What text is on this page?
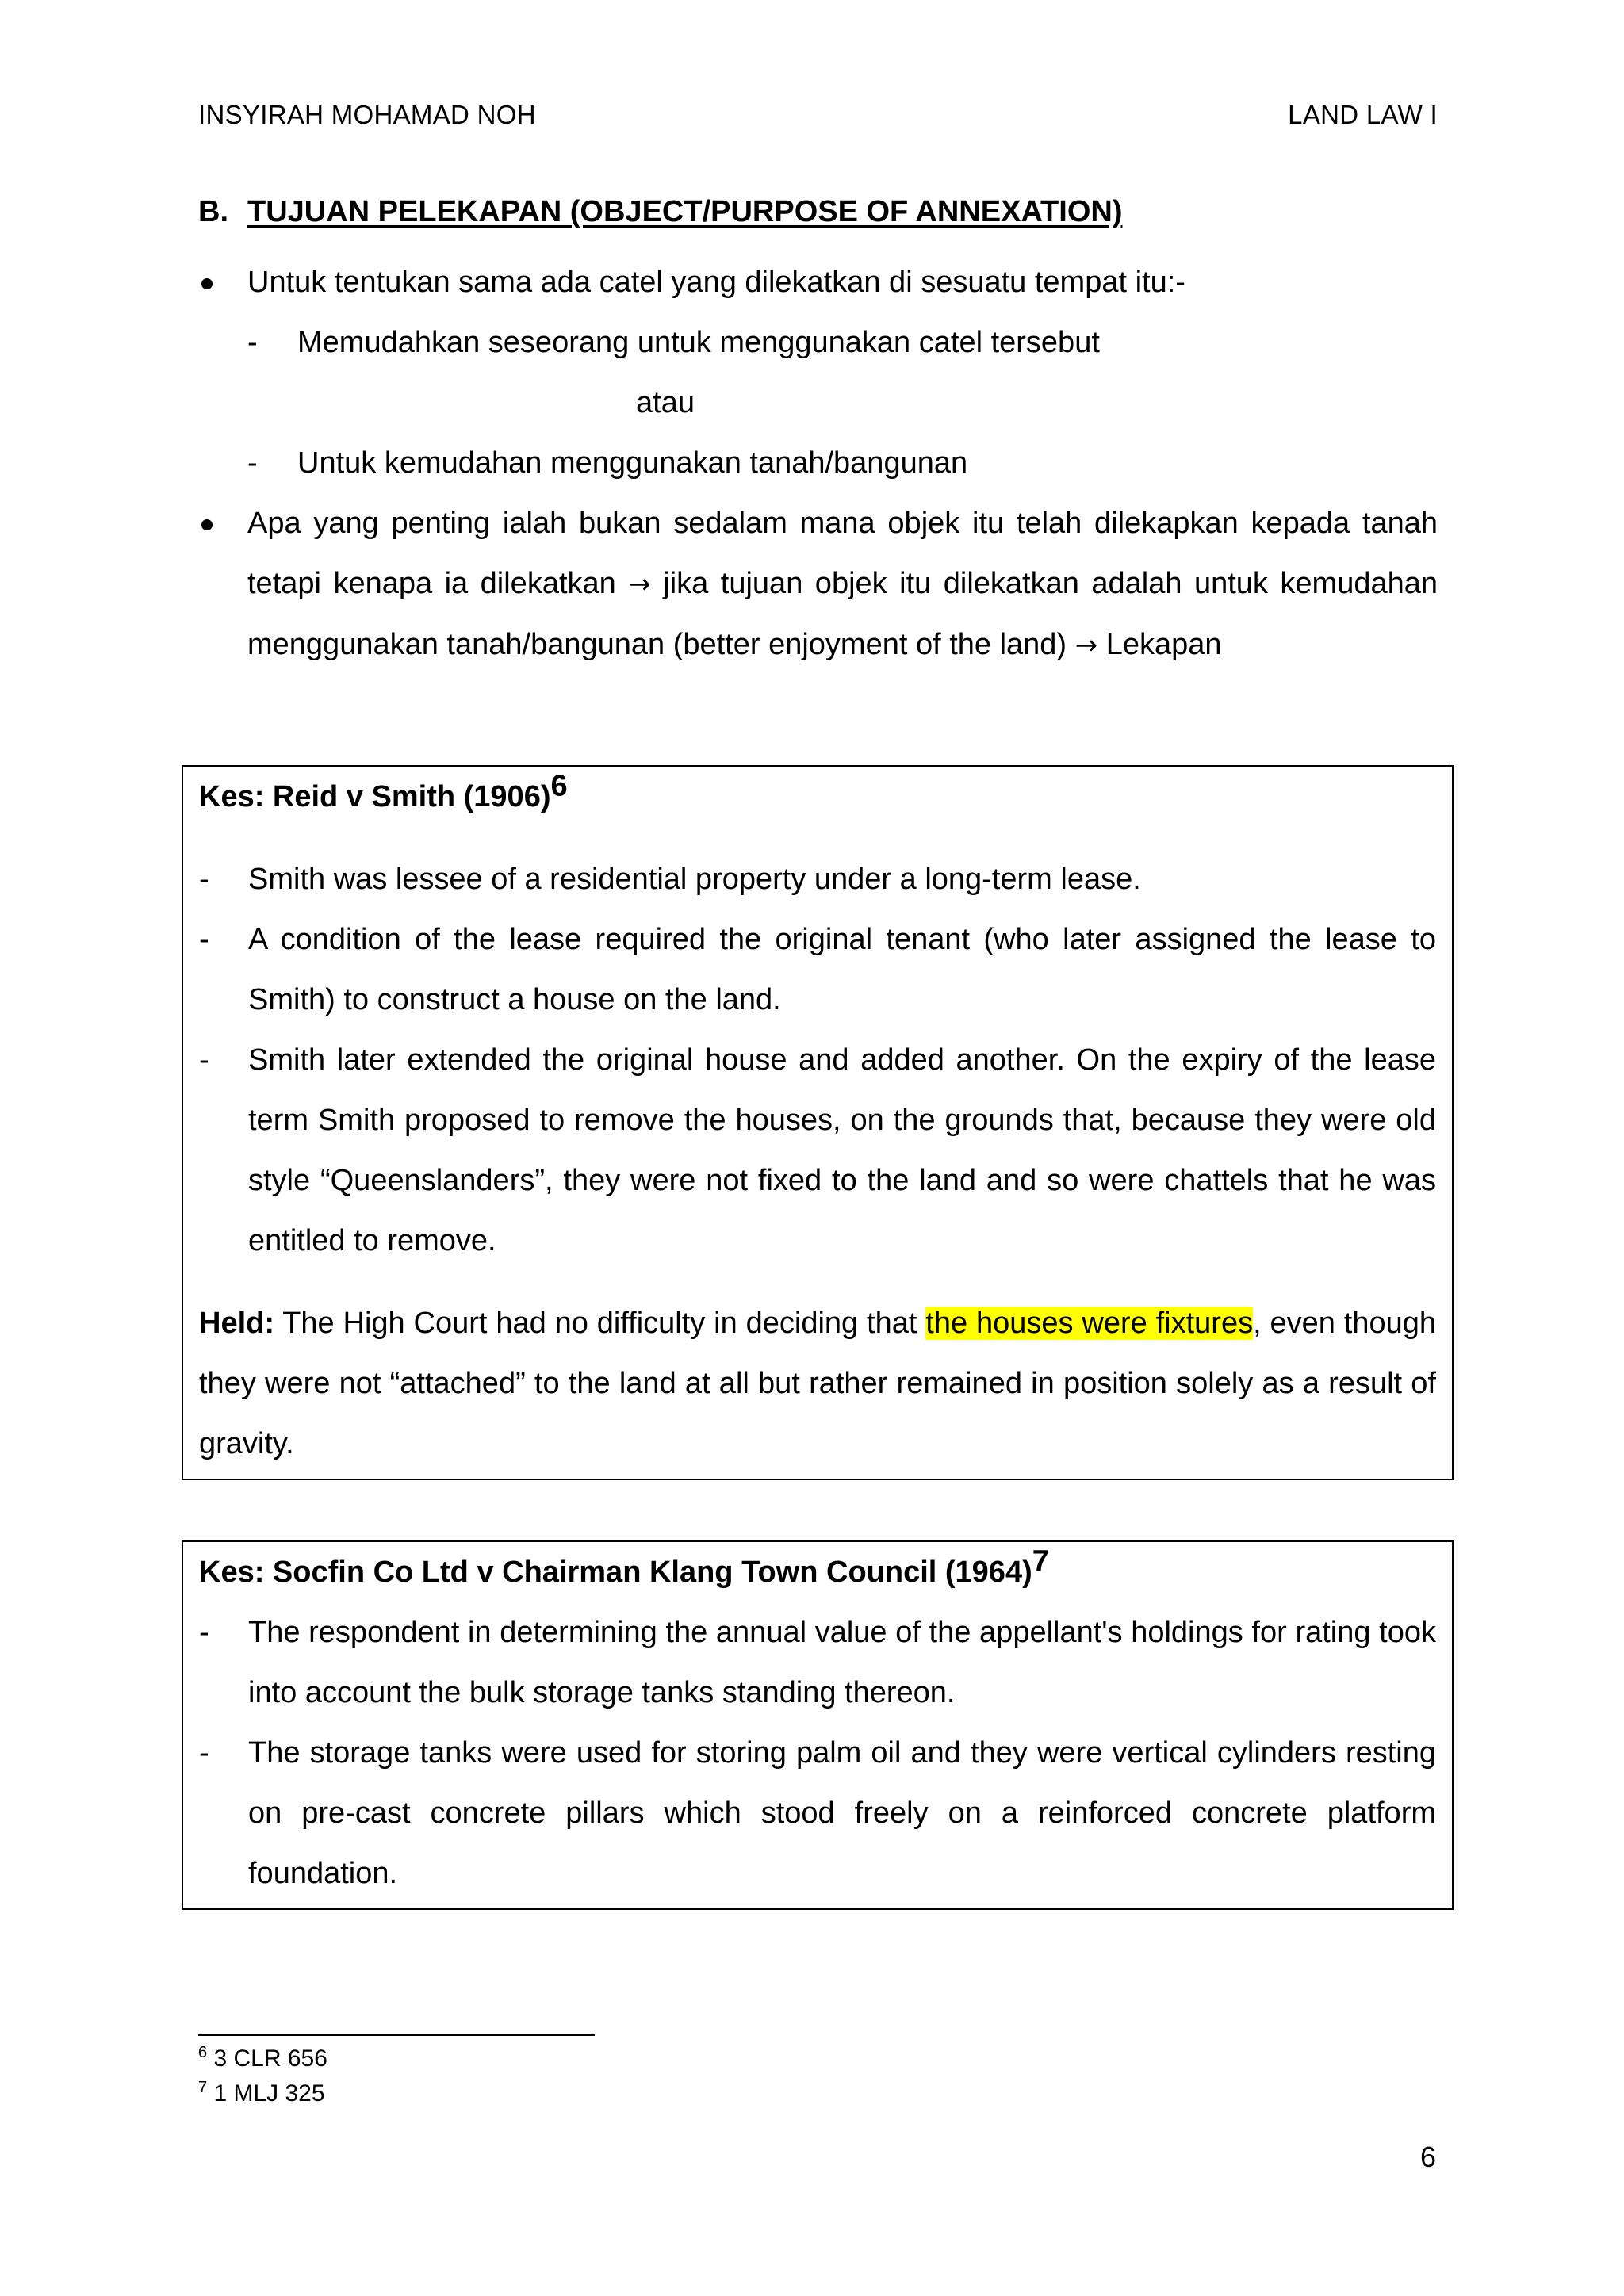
INSYIRAH MOHAMAD NOH	LAND LAW I
B. TUJUAN PELEKAPAN (OBJECT/PURPOSE OF ANNEXATION)
Untuk tentukan sama ada catel yang dilekatkan di sesuatu tempat itu:-
- Memudahkan seseorang untuk menggunakan catel tersebut
atau
- Untuk kemudahan menggunakan tanah/bangunan
Apa yang penting ialah bukan sedalam mana objek itu telah dilekapkan kepada tanah tetapi kenapa ia dilekatkan → jika tujuan objek itu dilekatkan adalah untuk kemudahan menggunakan tanah/bangunan (better enjoyment of the land) → Lekapan
Kes: Reid v Smith $(1906)^6$
- Smith was lessee of a residential property under a long-term lease.
- A condition of the lease required the original tenant (who later assigned the lease to Smith) to construct a house on the land.
- Smith later extended the original house and added another. On the expiry of the lease term Smith proposed to remove the houses, on the grounds that, because they were old style “Queenslanders”, they were not fixed to the land and so were chattels that he was entitled to remove.
Held: The High Court had no difficulty in deciding that the houses were fixtures, even though they were not “attached” to the land at all but rather remained in position solely as a result of gravity.
Kes: Socfin Co Ltd v Chairman Klang Town Council $(1964)^7$
- The respondent in determining the annual value of the appellant's holdings for rating took into account the bulk storage tanks standing thereon.
- The storage tanks were used for storing palm oil and they were vertical cylinders resting on pre-cast concrete pillars which stood freely on a reinforced concrete platform foundation.
$^6$ 3 CLR 656
$^7$ 1 MLJ 325
6
